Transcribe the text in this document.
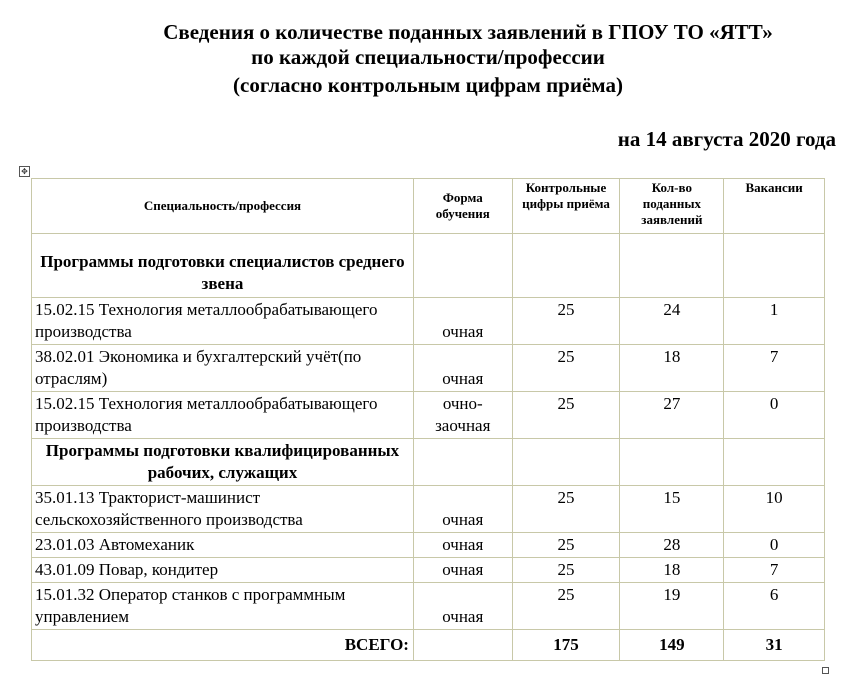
Сведения о количестве поданных заявлений в ГПОУ ТО «ЯТТ»
по каждой специальности/профессии
(согласно контрольным цифрам приёма)
на 14 августа 2020 года
✥
Специальность/профессия	Форма обучения	Контрольные цифры приёма	Кол-во поданных заявлений	Вакансии
Программы подготовки специалистов среднего звена				
15.02.15 Технология металлообрабатывающего производства	очная	25	24	1
38.02.01 Экономика и бухгалтерский учёт(по отраслям)	очная	25	18	7
15.02.15 Технология металлообрабатывающего производства	очно-заочная	25	27	0
Программы подготовки квалифицированных рабочих, служащих				
35.01.13 Тракторист-машинист сельскохозяйственного производства	очная	25	15	10
23.01.03 Автомеханик	очная	25	28	0
43.01.09 Повар, кондитер	очная	25	18	7
15.01.32 Оператор станков с программным управлением	очная	25	19	6
ВСЕГО:		175	149	31
